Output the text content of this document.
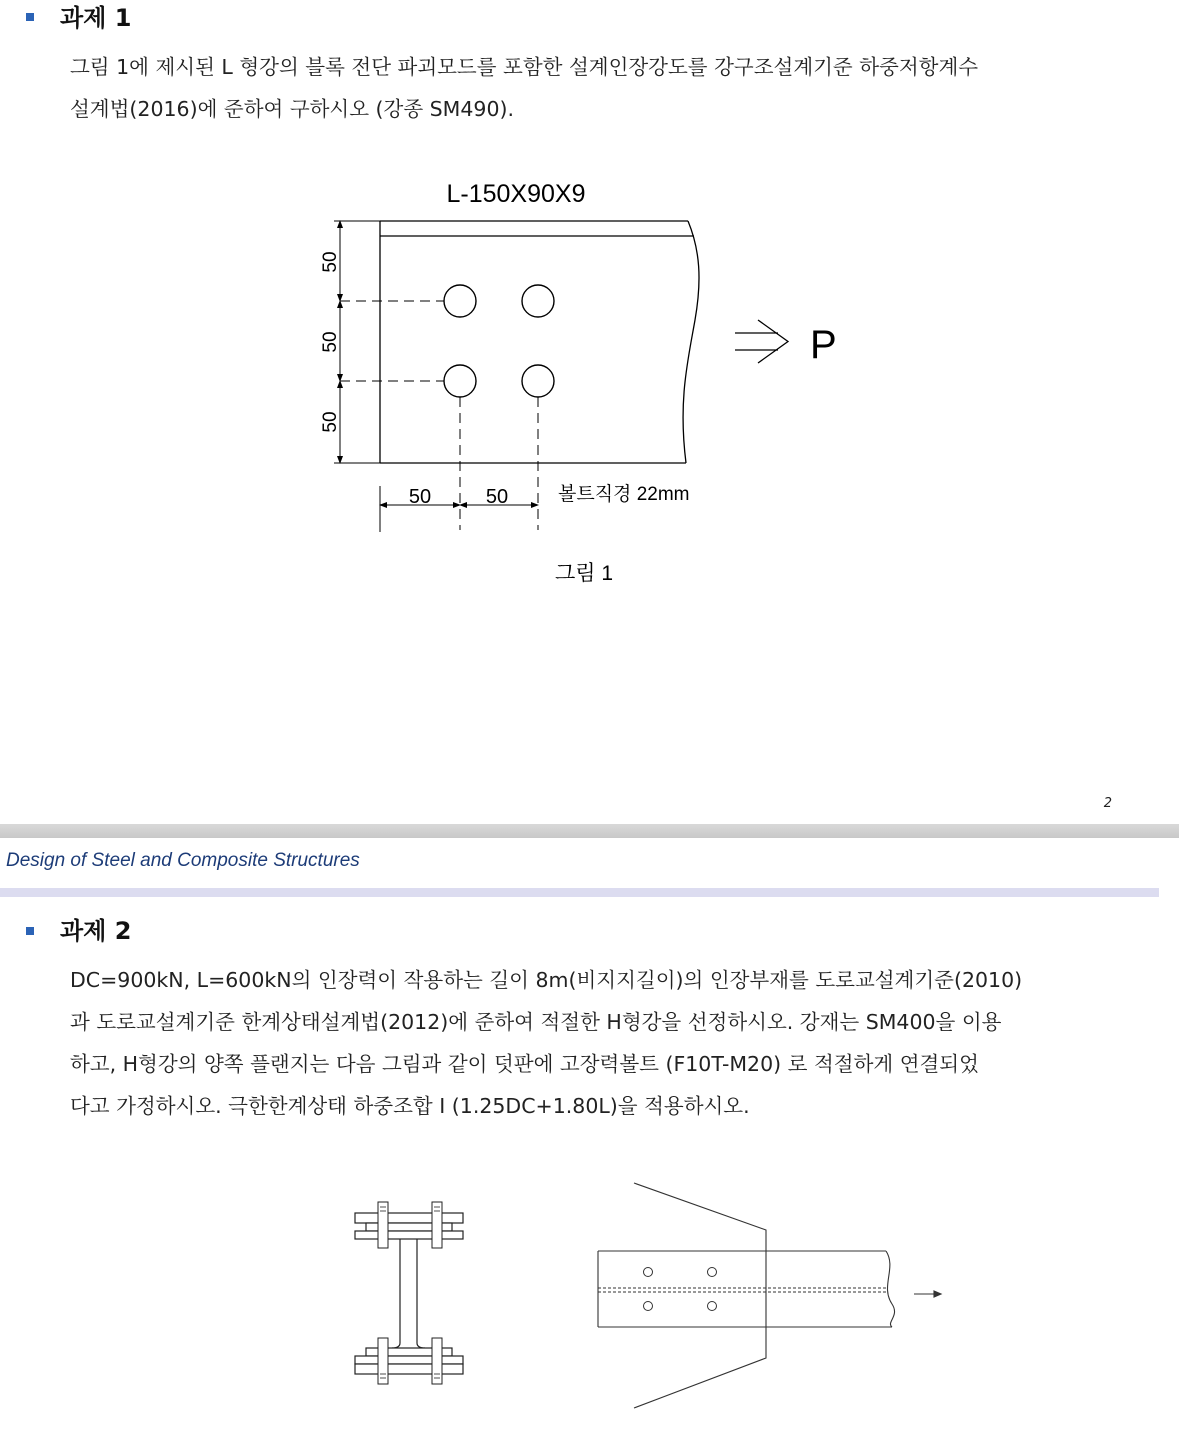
과제 1
그림 1에 제시된 L 형강의 블록 전단 파괴모드를 포함한 설계인장강도를 강구조설계기준 하중저항계수
설계법(2016)에 준하여 구하시오 (강종 SM490).
L-150X90X9
50
50
50
50	50	볼트직경 22mm
P
그림 1
2
Design of Steel and Composite Structures
과제 2
DC=900kN, L=600kN의 인장력이 작용하는 길이 8m(비지지길이)의 인장부재를 도로교설계기준(2010)
과 도로교설계기준 한계상태설계법(2012)에 준하여 적절한 H형강을 선정하시오. 강재는 SM400을 이용
하고, H형강의 양쪽 플랜지는 다음 그림과 같이 덧판에 고장력볼트 (F10T-M20) 로 적절하게 연결되었
다고 가정하시오. 극한한계상태 하중조합 I (1.25DC+1.80L)을 적용하시오.
